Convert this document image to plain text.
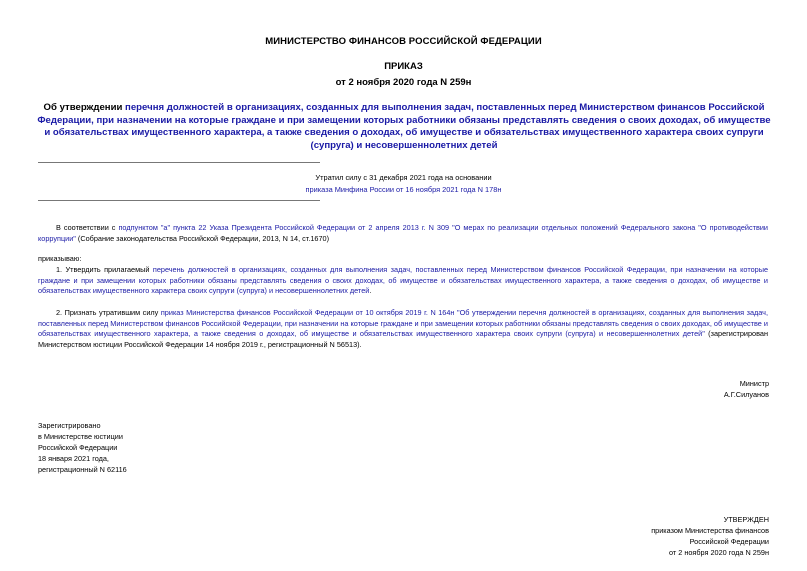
МИНИСТЕРСТВО ФИНАНСОВ РОССИЙСКОЙ ФЕДЕРАЦИИ
ПРИКАЗ
от 2 ноября 2020 года N 259н
Об утверждении перечня должностей в организациях, созданных для выполнения задач, поставленных перед Министерством финансов Российской Федерации, при назначении на которые граждане и при замещении которых работники обязаны представлять сведения о своих доходах, об имуществе и обязательствах имущественного характера, а также сведения о доходах, об имуществе и обязательствах имущественного характера своих супруги (супруга) и несовершеннолетних детей
Утратил силу с 31 декабря 2021 года на основании
приказа Минфина России от 16 ноября 2021 года N 178н
В соответствии с подпунктом "а" пункта 22 Указа Президента Российской Федерации от 2 апреля 2013 г. N 309 "О мерах по реализации отдельных положений Федерального закона "О противодействии коррупции" (Собрание законодательства Российской Федерации, 2013, N 14, ст.1670)
приказываю:
1. Утвердить прилагаемый перечень должностей в организациях, созданных для выполнения задач, поставленных перед Министерством финансов Российской Федерации, при назначении на которые граждане и при замещении которых работники обязаны представлять сведения о своих доходах, об имуществе и обязательствах имущественного характера, а также сведения о доходах, об имуществе и обязательствах имущественного характера своих супруги (супруга) и несовершеннолетних детей.
2. Признать утратившим силу приказ Министерства финансов Российской Федерации от 10 октября 2019 г. N 164н "Об утверждении перечня должностей в организациях, созданных для выполнения задач, поставленных перед Министерством финансов Российской Федерации, при назначении на которые граждане и при замещении которых работники обязаны представлять сведения о своих доходах, об имуществе и обязательствах имущественного характера, а также сведения о доходах, об имуществе и обязательствах имущественного характера своих супруги (супруга) и несовершеннолетних детей" (зарегистрирован Министерством юстиции Российской Федерации 14 ноября 2019 г., регистрационный N 56513).
Министр
А.Г.Силуанов
Зарегистрировано
в Министерстве юстиции
Российской Федерации
18 января 2021 года,
регистрационный N 62116
УТВЕРЖДЕН
приказом Министерства финансов
Российской Федерации
от 2 ноября 2020 года N 259н
